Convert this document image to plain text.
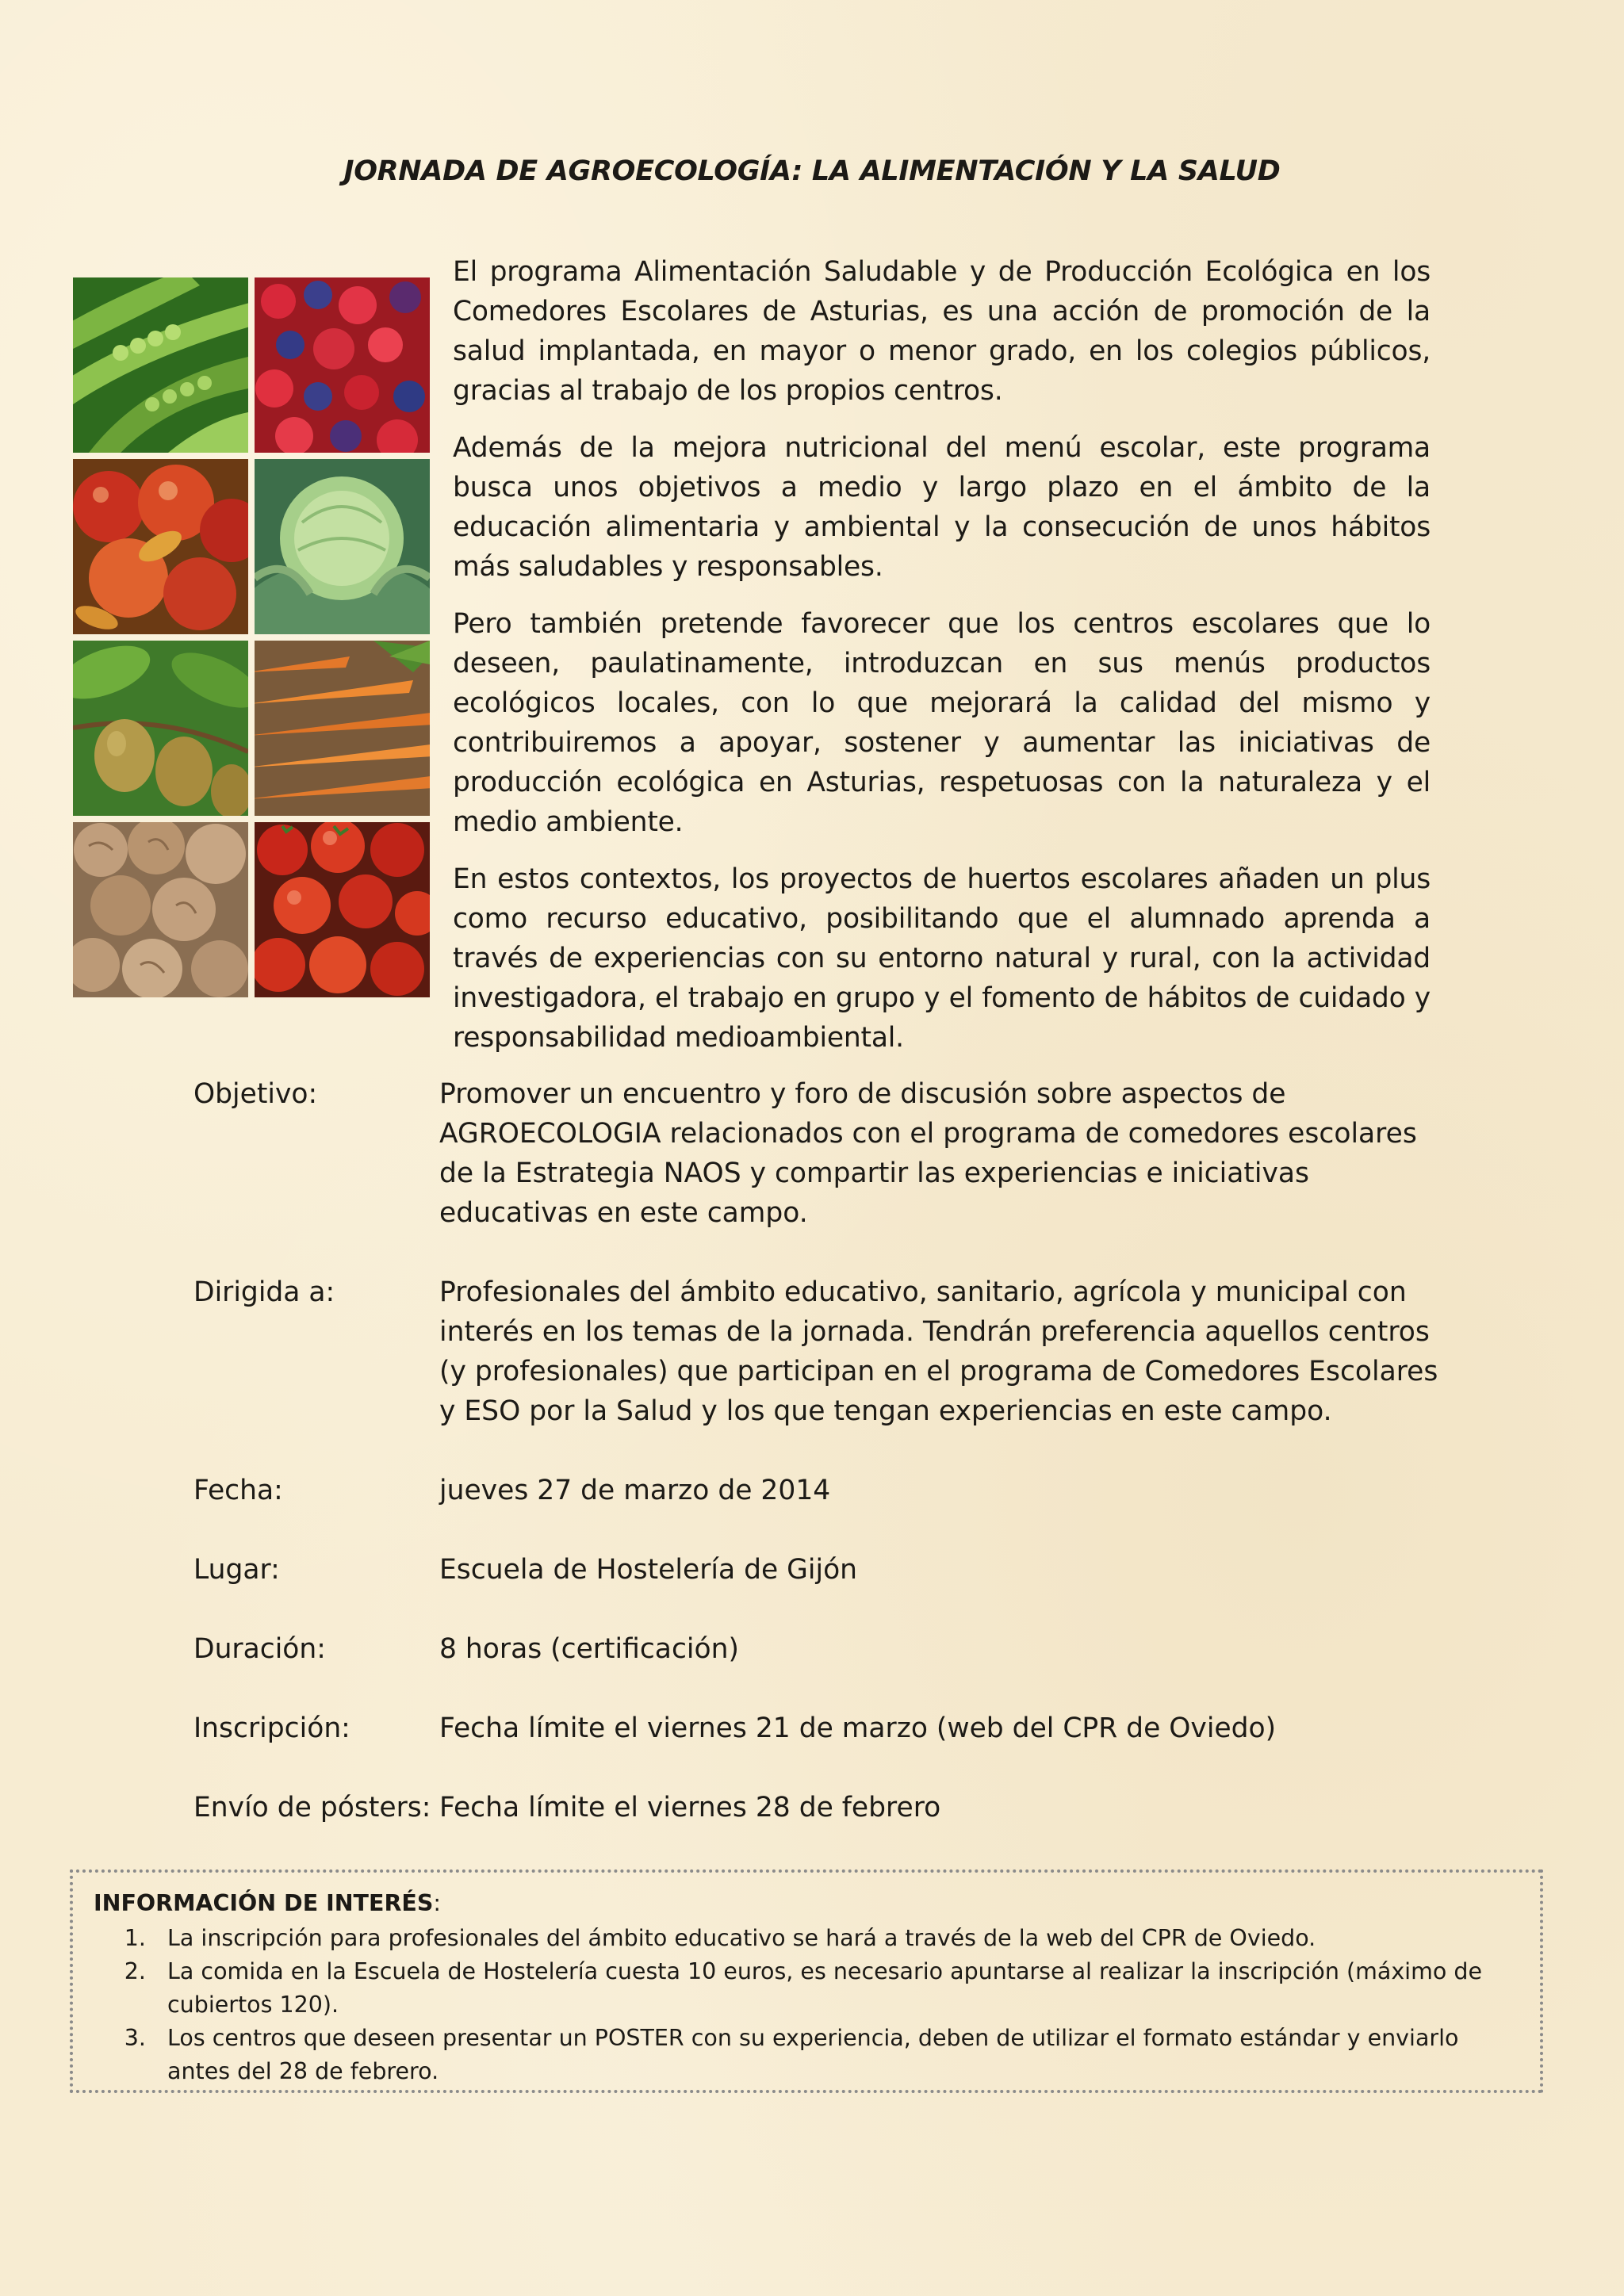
JORNADA DE AGROECOLOGÍA: LA ALIMENTACIÓN Y LA SALUD

El programa Alimentación Saludable y de Producción Ecológica en los Comedores Escolares de Asturias, es una acción de promoción de la salud implantada, en mayor o menor grado, en los colegios públicos, gracias al trabajo de los propios centros.

Además de la mejora nutricional del menú escolar, este programa busca unos objetivos a medio y largo plazo en el ámbito de la educación alimentaria y ambiental y la consecución de unos hábitos más saludables y responsables.

Pero también pretende favorecer que los centros escolares que lo deseen, paulatinamente, introduzcan en sus menús productos ecológicos locales, con lo que mejorará la calidad del mismo y contribuiremos a apoyar, sostener y aumentar las iniciativas de producción ecológica en Asturias, respetuosas con la naturaleza y el medio ambiente.

En estos contextos, los proyectos de huertos escolares añaden un plus como recurso educativo, posibilitando que el alumnado aprenda a través de experiencias con su entorno natural y rural, con la actividad investigadora, el trabajo en grupo y el fomento de hábitos de cuidado y responsabilidad medioambiental.

Objetivo:	Promover un encuentro y foro de discusión sobre aspectos de AGROECOLOGIA relacionados con el programa de comedores escolares de la Estrategia NAOS y compartir las experiencias e iniciativas educativas en este campo.
Dirigida a:	Profesionales del ámbito educativo, sanitario, agrícola y municipal con interés en los temas de la jornada. Tendrán preferencia aquellos centros (y profesionales) que participan en el programa de Comedores Escolares y ESO por la Salud y los que tengan experiencias en este campo.
Fecha:	jueves 27 de marzo de 2014
Lugar:	Escuela de Hostelería de Gijón
Duración:	8 horas (certificación)
Inscripción:	Fecha límite el viernes 21 de marzo (web del CPR de Oviedo)
Envío de pósters: Fecha límite el viernes 28 de febrero
INFORMACIÓN DE INTERÉS:
1. La inscripción para profesionales del ámbito educativo se hará a través de la web del CPR de Oviedo.
2. La comida en la Escuela de Hostelería cuesta 10 euros, es necesario apuntarse al realizar la inscripción (máximo de cubiertos 120).
3. Los centros que deseen presentar un POSTER con su experiencia, deben de utilizar el formato estándar y enviarlo antes del 28 de febrero.
